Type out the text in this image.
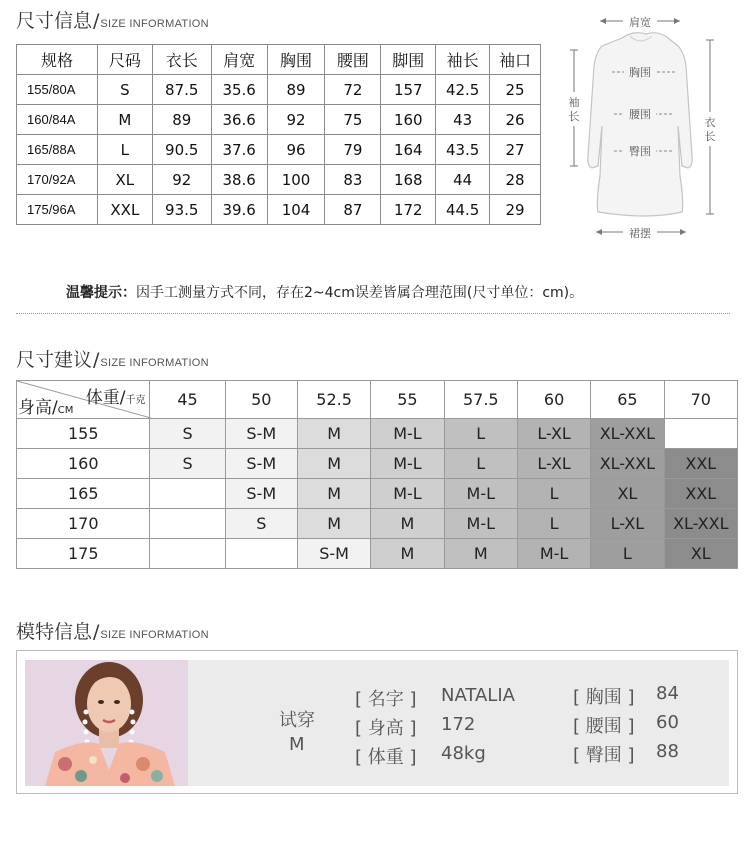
尺寸信息 / SIZE INFORMATION
规格	尺码	衣长	肩宽	胸围	腰围	脚围	袖长	袖口
155/80A	S	87.5	35.6	89	72	157	42.5	25
160/84A	M	89	36.6	92	75	160	43	26
165/88A	L	90.5	37.6	96	79	164	43.5	27
170/92A	XL	92	38.6	100	83	168	44	28
175/96A	XXL	93.5	39.6	104	87	172	44.5	29
肩宽
胸围
腰围
臀围
裙摆
袖长	衣长
温馨提示：因手工测量方式不同，存在2~4cm误差皆属合理范围(尺寸单位：cm)。
尺寸建议 / SIZE INFORMATION
体重/千克
身高/CM	45	50	52.5	55	57.5	60	65	70
155	S	S-M	M	M-L	L	L-XL	XL-XXL	
160	S	S-M	M	M-L	L	L-XL	XL-XXL	XXL
165		S-M	M	M-L	M-L	L	XL	XXL
170		S	M	M	M-L	L	L-XL	XL-XXL
175			S-M	M	M	M-L	L	XL
模特信息 / SIZE INFORMATION
试穿
M
[ 名字 ] NATALIA
[ 身高 ] 172
[ 体重 ] 48kg
[ 胸围 ] 84
[ 腰围 ] 60
[ 臀围 ] 88
